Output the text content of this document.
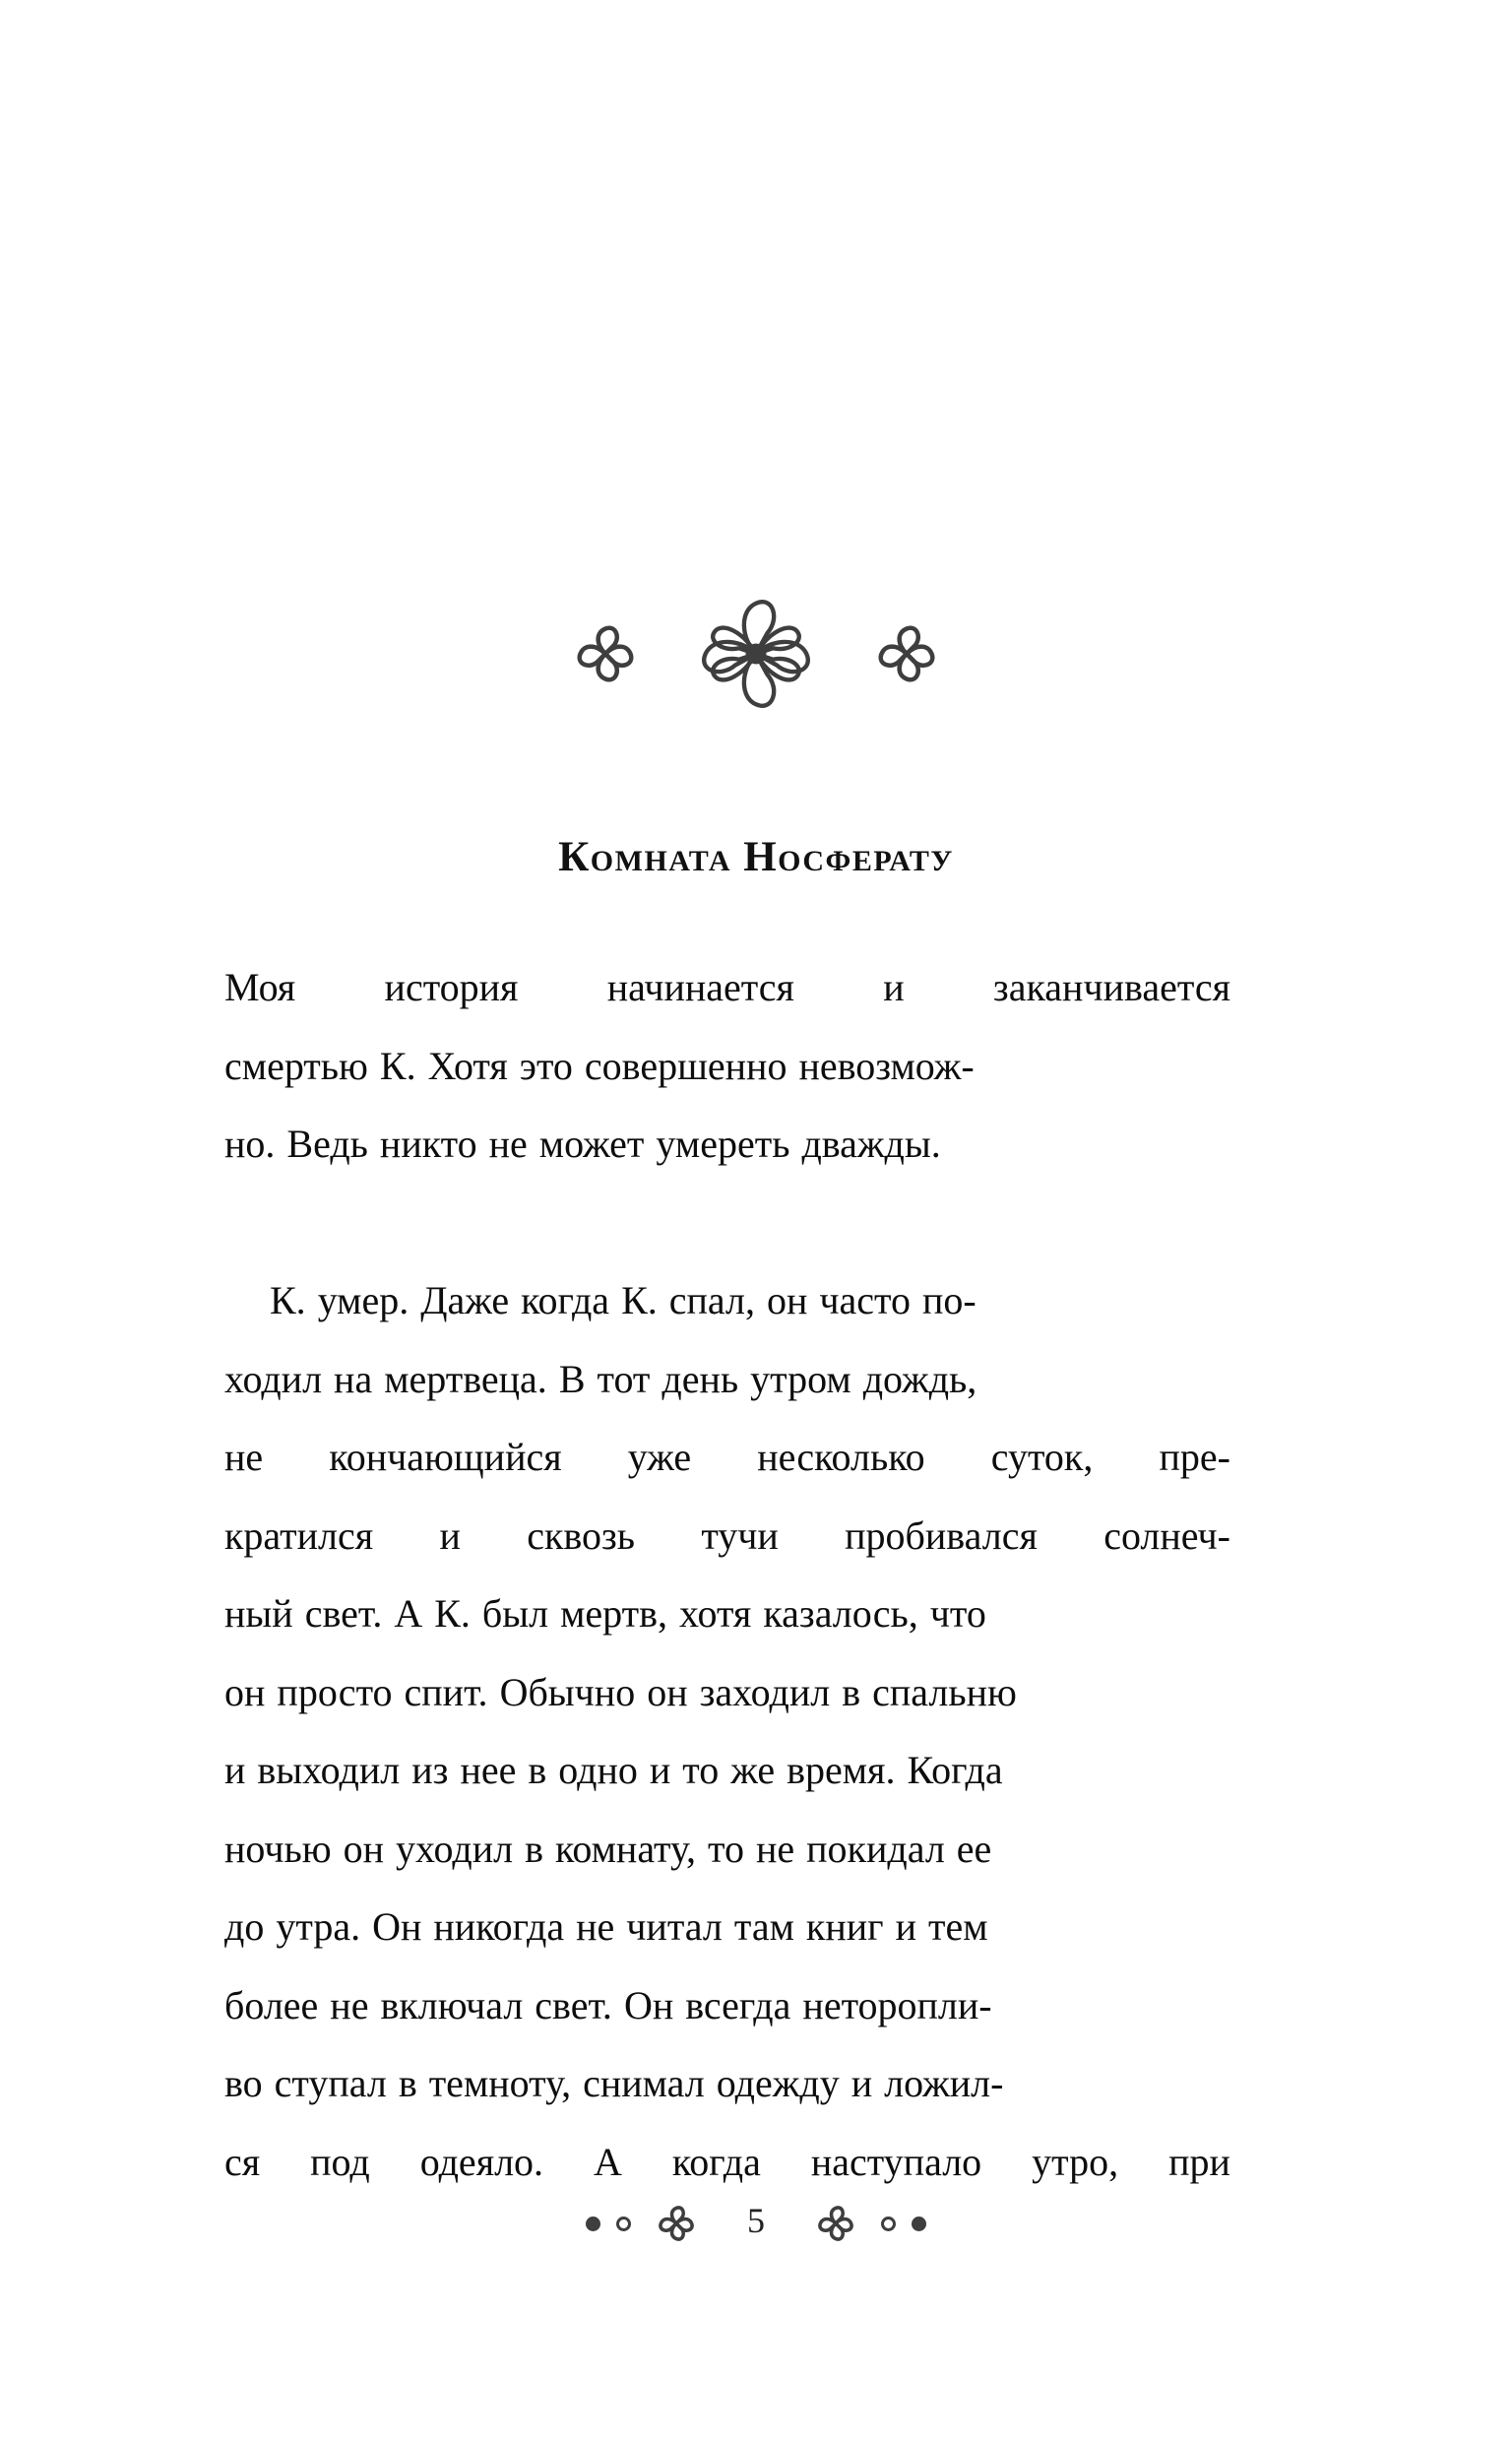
Комната Носферату
Моя история начинается и заканчивается
смертью К. Хотя это совершенно невозмож-
но. Ведь никто не может умереть дважды.
К. умер. Даже когда К. спал, он часто по-
ходил на мертвеца. В тот день утром дождь,
не кончающийся уже несколько суток, пре-
кратился и сквозь тучи пробивался солнеч-
ный свет. А К. был мертв, хотя казалось, что
он просто спит. Обычно он заходил в спальню
и выходил из нее в одно и то же время. Когда
ночью он уходил в комнату, то не покидал ее
до утра. Он никогда не читал там книг и тем
более не включал свет. Он всегда неторопли-
во ступал в темноту, снимал одежду и ложил-
ся под одеяло. А когда наступало утро, при
5
